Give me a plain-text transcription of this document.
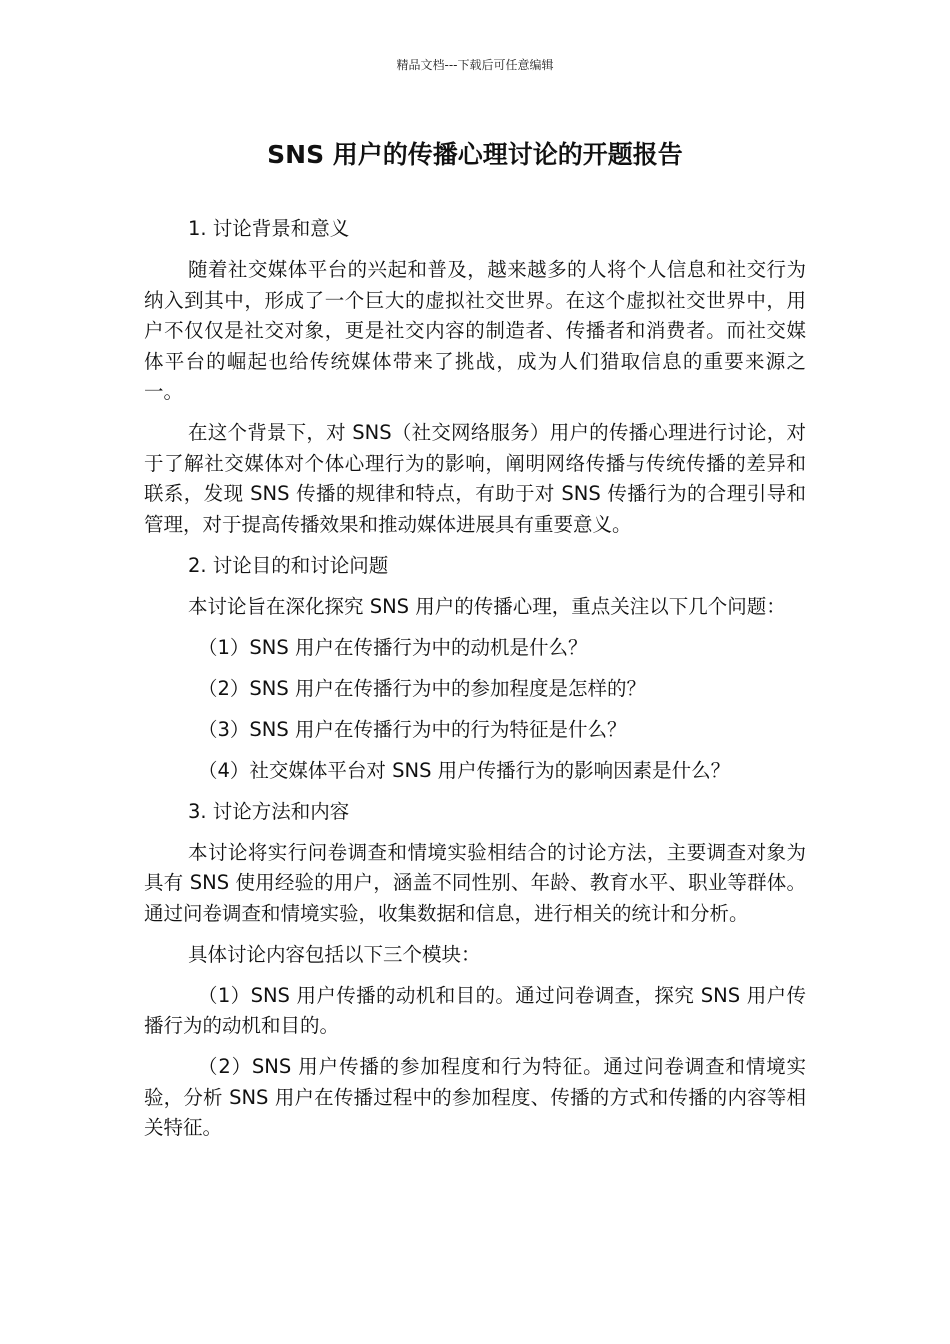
精品文档---下载后可任意编辑
SNS 用户的传播心理讨论的开题报告

1. 讨论背景和意义

随着社交媒体平台的兴起和普及，越来越多的人将个人信息和社交行为纳入到其中，形成了一个巨大的虚拟社交世界。在这个虚拟社交世界中，用户不仅仅是社交对象，更是社交内容的制造者、传播者和消费者。而社交媒体平台的崛起也给传统媒体带来了挑战，成为人们猎取信息的重要来源之一。

在这个背景下，对 SNS（社交网络服务）用户的传播心理进行讨论，对于了解社交媒体对个体心理行为的影响，阐明网络传播与传统传播的差异和联系，发现 SNS 传播的规律和特点，有助于对 SNS 传播行为的合理引导和管理，对于提高传播效果和推动媒体进展具有重要意义。

2. 讨论目的和讨论问题

本讨论旨在深化探究 SNS 用户的传播心理，重点关注以下几个问题：

（1）SNS 用户在传播行为中的动机是什么？

（2）SNS 用户在传播行为中的参加程度是怎样的？

（3）SNS 用户在传播行为中的行为特征是什么？

（4）社交媒体平台对 SNS 用户传播行为的影响因素是什么？

3. 讨论方法和内容

本讨论将实行问卷调查和情境实验相结合的讨论方法，主要调查对象为具有 SNS 使用经验的用户，涵盖不同性别、年龄、教育水平、职业等群体。通过问卷调查和情境实验，收集数据和信息，进行相关的统计和分析。

具体讨论内容包括以下三个模块：

（1）SNS 用户传播的动机和目的。通过问卷调查，探究 SNS 用户传播行为的动机和目的。

（2）SNS 用户传播的参加程度和行为特征。通过问卷调查和情境实验，分析 SNS 用户在传播过程中的参加程度、传播的方式和传播的内容等相关特征。
